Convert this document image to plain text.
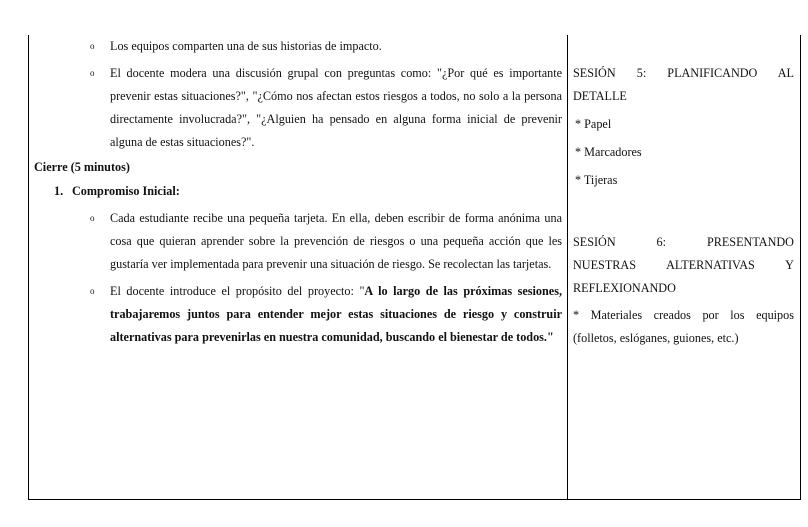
o Los equipos comparten una de sus historias de impacto.
o El docente modera una discusión grupal con preguntas como: "¿Por qué es importante prevenir estas situaciones?", "¿Cómo nos afectan estos riesgos a todos, no solo a la persona directamente involucrada?", "¿Alguien ha pensado en alguna forma inicial de prevenir alguna de estas situaciones?".
Cierre (5 minutos)
1. Compromiso Inicial:
o Cada estudiante recibe una pequeña tarjeta. En ella, deben escribir de forma anónima una cosa que quieran aprender sobre la prevención de riesgos o una pequeña acción que les gustaría ver implementada para prevenir una situación de riesgo. Se recolectan las tarjetas.
o El docente introduce el propósito del proyecto: "A lo largo de las próximas sesiones, trabajaremos juntos para entender mejor estas situaciones de riesgo y construir alternativas para prevenirlas en nuestra comunidad, buscando el bienestar de todos."
SESIÓN 5: PLANIFICANDO AL
DETALLE
* Papel
* Marcadores
* Tijeras
SESIÓN 6: PRESENTANDO
NUESTRAS ALTERNATIVAS Y
REFLEXIONANDO
* Materiales creados por los equipos (folletos, eslóganes, guiones, etc.)
